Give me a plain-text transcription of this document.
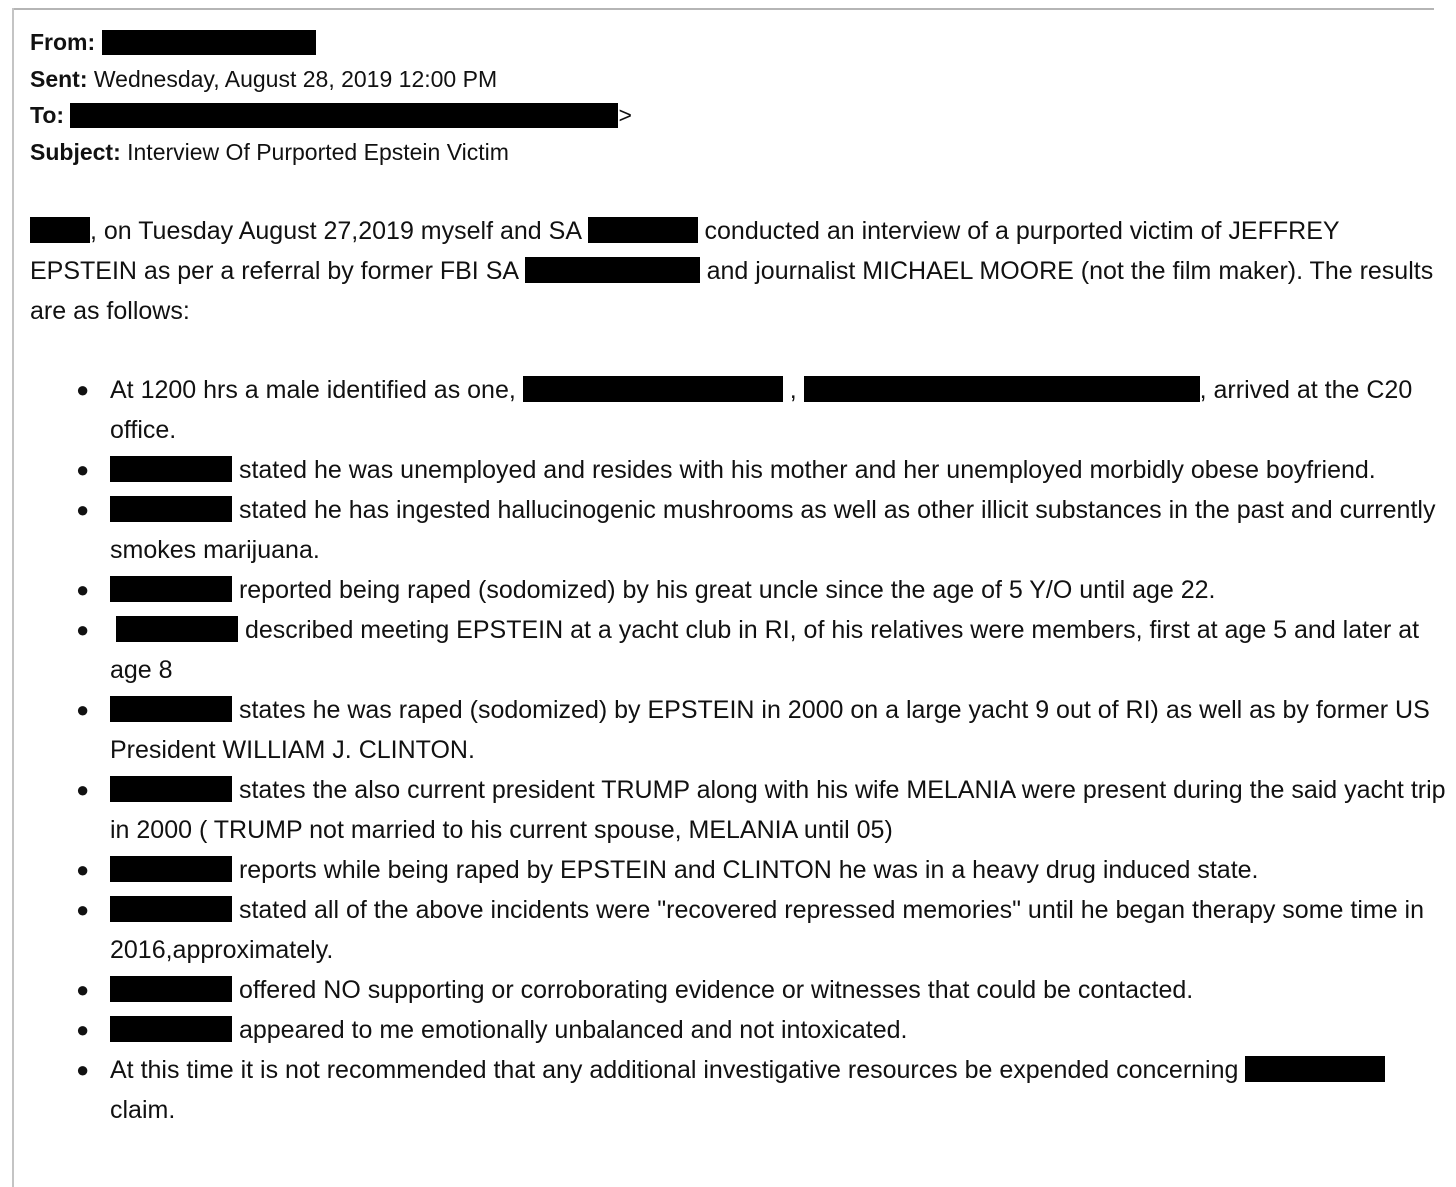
From:
Sent: Wednesday, August 28, 2019 12:00 PM
To:	>
Subject: Interview Of Purported Epstein Victim
, on Tuesday August 27,2019 myself and SA	conducted an interview of a purported victim of JEFFREY EPSTEIN as per a referral by former FBI SA	and journalist MICHAEL MOORE (not the film maker). The results are as follows:
● At 1200 hrs a male identified as one,	,	, arrived at the C20 office.
●	stated he was unemployed and resides with his mother and her unemployed morbidly obese boyfriend.
●	stated he has ingested hallucinogenic mushrooms as well as other illicit substances in the past and currently smokes marijuana.
●	reported being raped (sodomized) by his great uncle since the age of 5 Y/O until age 22.
●	described meeting EPSTEIN at a yacht club in RI, of his relatives were members, first at age 5 and later at age 8
●	states he was raped (sodomized) by EPSTEIN in 2000 on a large yacht 9 out of RI) as well as by former US President WILLIAM J. CLINTON.
●	states the also current president TRUMP along with his wife MELANIA were present during the said yacht trip in 2000 ( TRUMP not married to his current spouse, MELANIA until 05)
●	reports while being raped by EPSTEIN and CLINTON he was in a heavy drug induced state.
●	stated all of the above incidents were "recovered repressed memories" until he began therapy some time in 2016,approximately.
●	offered NO supporting or corroborating evidence or witnesses that could be contacted.
●	appeared to me emotionally unbalanced and not intoxicated.
● At this time it is not recommended that any additional investigative resources be expended concerning  claim.
